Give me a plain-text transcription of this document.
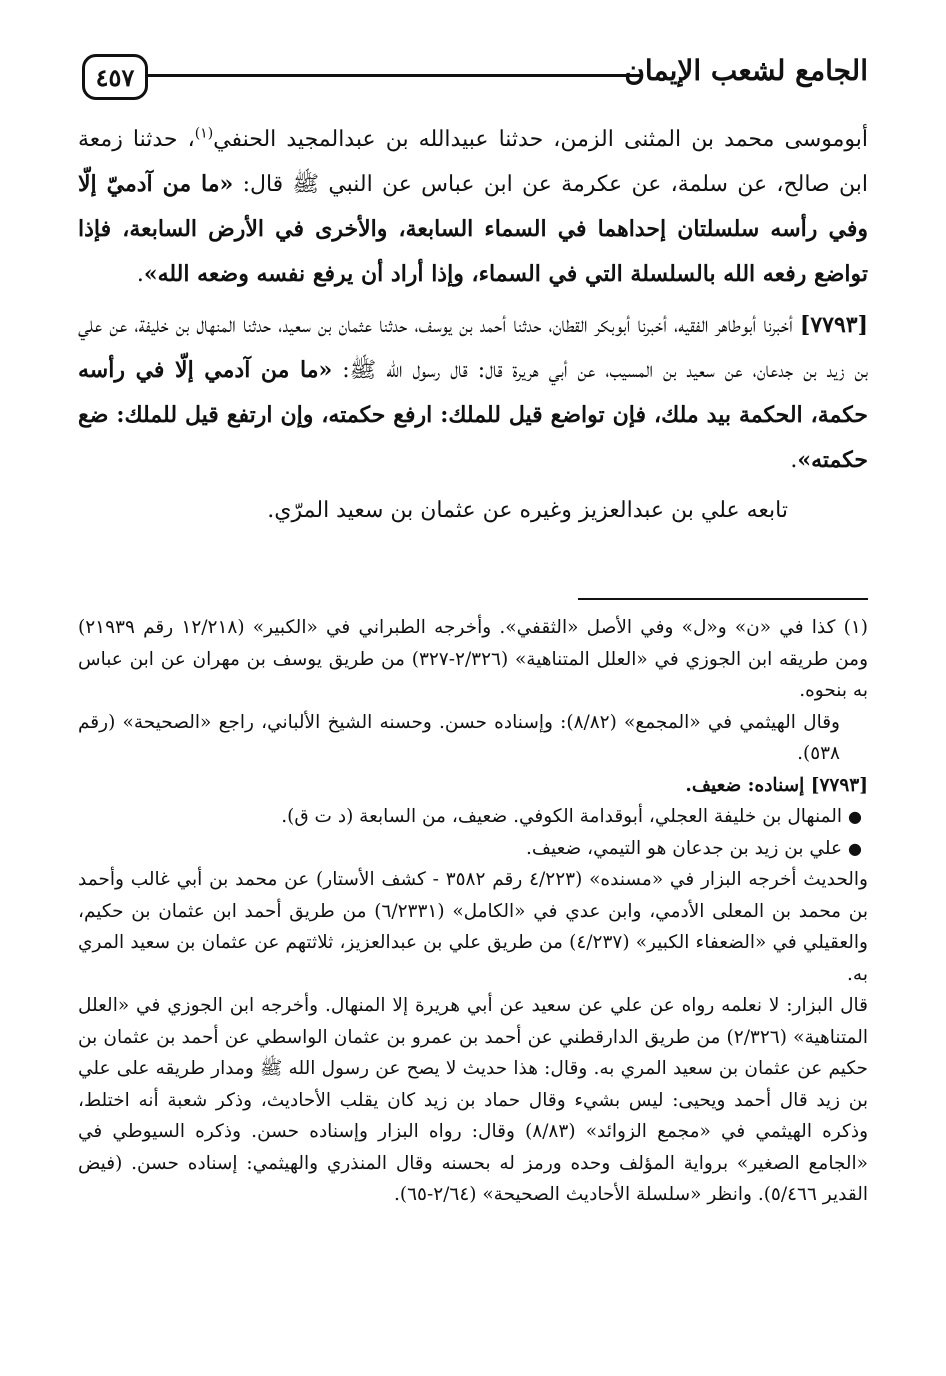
٤٥٧	الجامع لشعب الإيمان

أبوموسى محمد بن المثنى الزمن، حدثنا عبيدالله بن عبدالمجيد الحنفي$^{(١)}$، حدثنا زمعة ابن صالح، عن سلمة، عن عكرمة عن ابن عباس عن النبي ﷺ قال: «ما من آدميّ إلّا وفي رأسه سلسلتان إحداهما في السماء السابعة، والأخرى في الأرض السابعة، فإذا تواضع رفعه الله بالسلسلة التي في السماء، وإذا أراد أن يرفع نفسه وضعه الله».

[٧٧٩٣] أخبرنا أبوطاهر الفقيه، أخبرنا أبوبكر القطان، حدثنا أحمد بن يوسف، حدثنا عثمان بن سعيد، حدثنا المنهال بن خليفة، عن علي بن زيد بن جدعان، عن سعيد بن المسيب، عن أبي هريرة قال: قال رسول الله ﷺ: «ما من آدمي إلّا في رأسه حكمة، الحكمة بيد ملك، فإن تواضع قيل للملك: ارفع حكمته، وإن ارتفع قيل للملك: ضع حكمته».

تابعه علي بن عبدالعزيز وغيره عن عثمان بن سعيد المرّي.

(١) كذا في «ن» و«ل» وفي الأصل «الثقفي». وأخرجه الطبراني في «الكبير» (١٢/٢١٨ رقم ٢١٩٣٩) ومن طريقه ابن الجوزي في «العلل المتناهية» (٢/٣٢٦-٣٢٧) من طريق يوسف بن مهران عن ابن عباس به بنحوه.

وقال الهيثمي في «المجمع» (٨/٨٢): وإسناده حسن. وحسنه الشيخ الألباني، راجع «الصحيحة» (رقم ٥٣٨).

[٧٧٩٣] إسناده: ضعيف.

●
المنهال بن خليفة العجلي، أبوقدامة الكوفي. ضعيف، من السابعة (د ت ق).

●
علي بن زيد بن جدعان هو التيمي، ضعيف.

والحديث أخرجه البزار في «مسنده» (٤/٢٢٣ رقم ٣٥٨٢ - كشف الأستار) عن محمد بن أبي غالب وأحمد بن محمد بن المعلى الأدمي، وابن عدي في «الكامل» (٦/٢٣٣١) من طريق أحمد ابن عثمان بن حكيم، والعقيلي في «الضعفاء الكبير» (٤/٢٣٧) من طريق علي بن عبدالعزيز، ثلاثتهم عن عثمان بن سعيد المري به.

قال البزار: لا نعلمه رواه عن علي عن سعيد عن أبي هريرة إلا المنهال. وأخرجه ابن الجوزي في «العلل المتناهية» (٢/٣٢٦) من طريق الدارقطني عن أحمد بن عمرو بن عثمان الواسطي عن أحمد بن عثمان بن حكيم عن عثمان بن سعيد المري به. وقال: هذا حديث لا يصح عن رسول الله ﷺ ومدار طريقه على علي بن زيد قال أحمد ويحيى: ليس بشيء وقال حماد بن زيد كان يقلب الأحاديث، وذكر شعبة أنه اختلط، وذكره الهيثمي في «مجمع الزوائد» (٨/٨٣) وقال: رواه البزار وإسناده حسن. وذكره السيوطي في «الجامع الصغير» برواية المؤلف وحده ورمز له بحسنه وقال المنذري والهيثمي: إسناده حسن. (فيض القدير ٥/٤٦٦). وانظر «سلسلة الأحاديث الصحيحة» (٢/٦٤-٦٥).
